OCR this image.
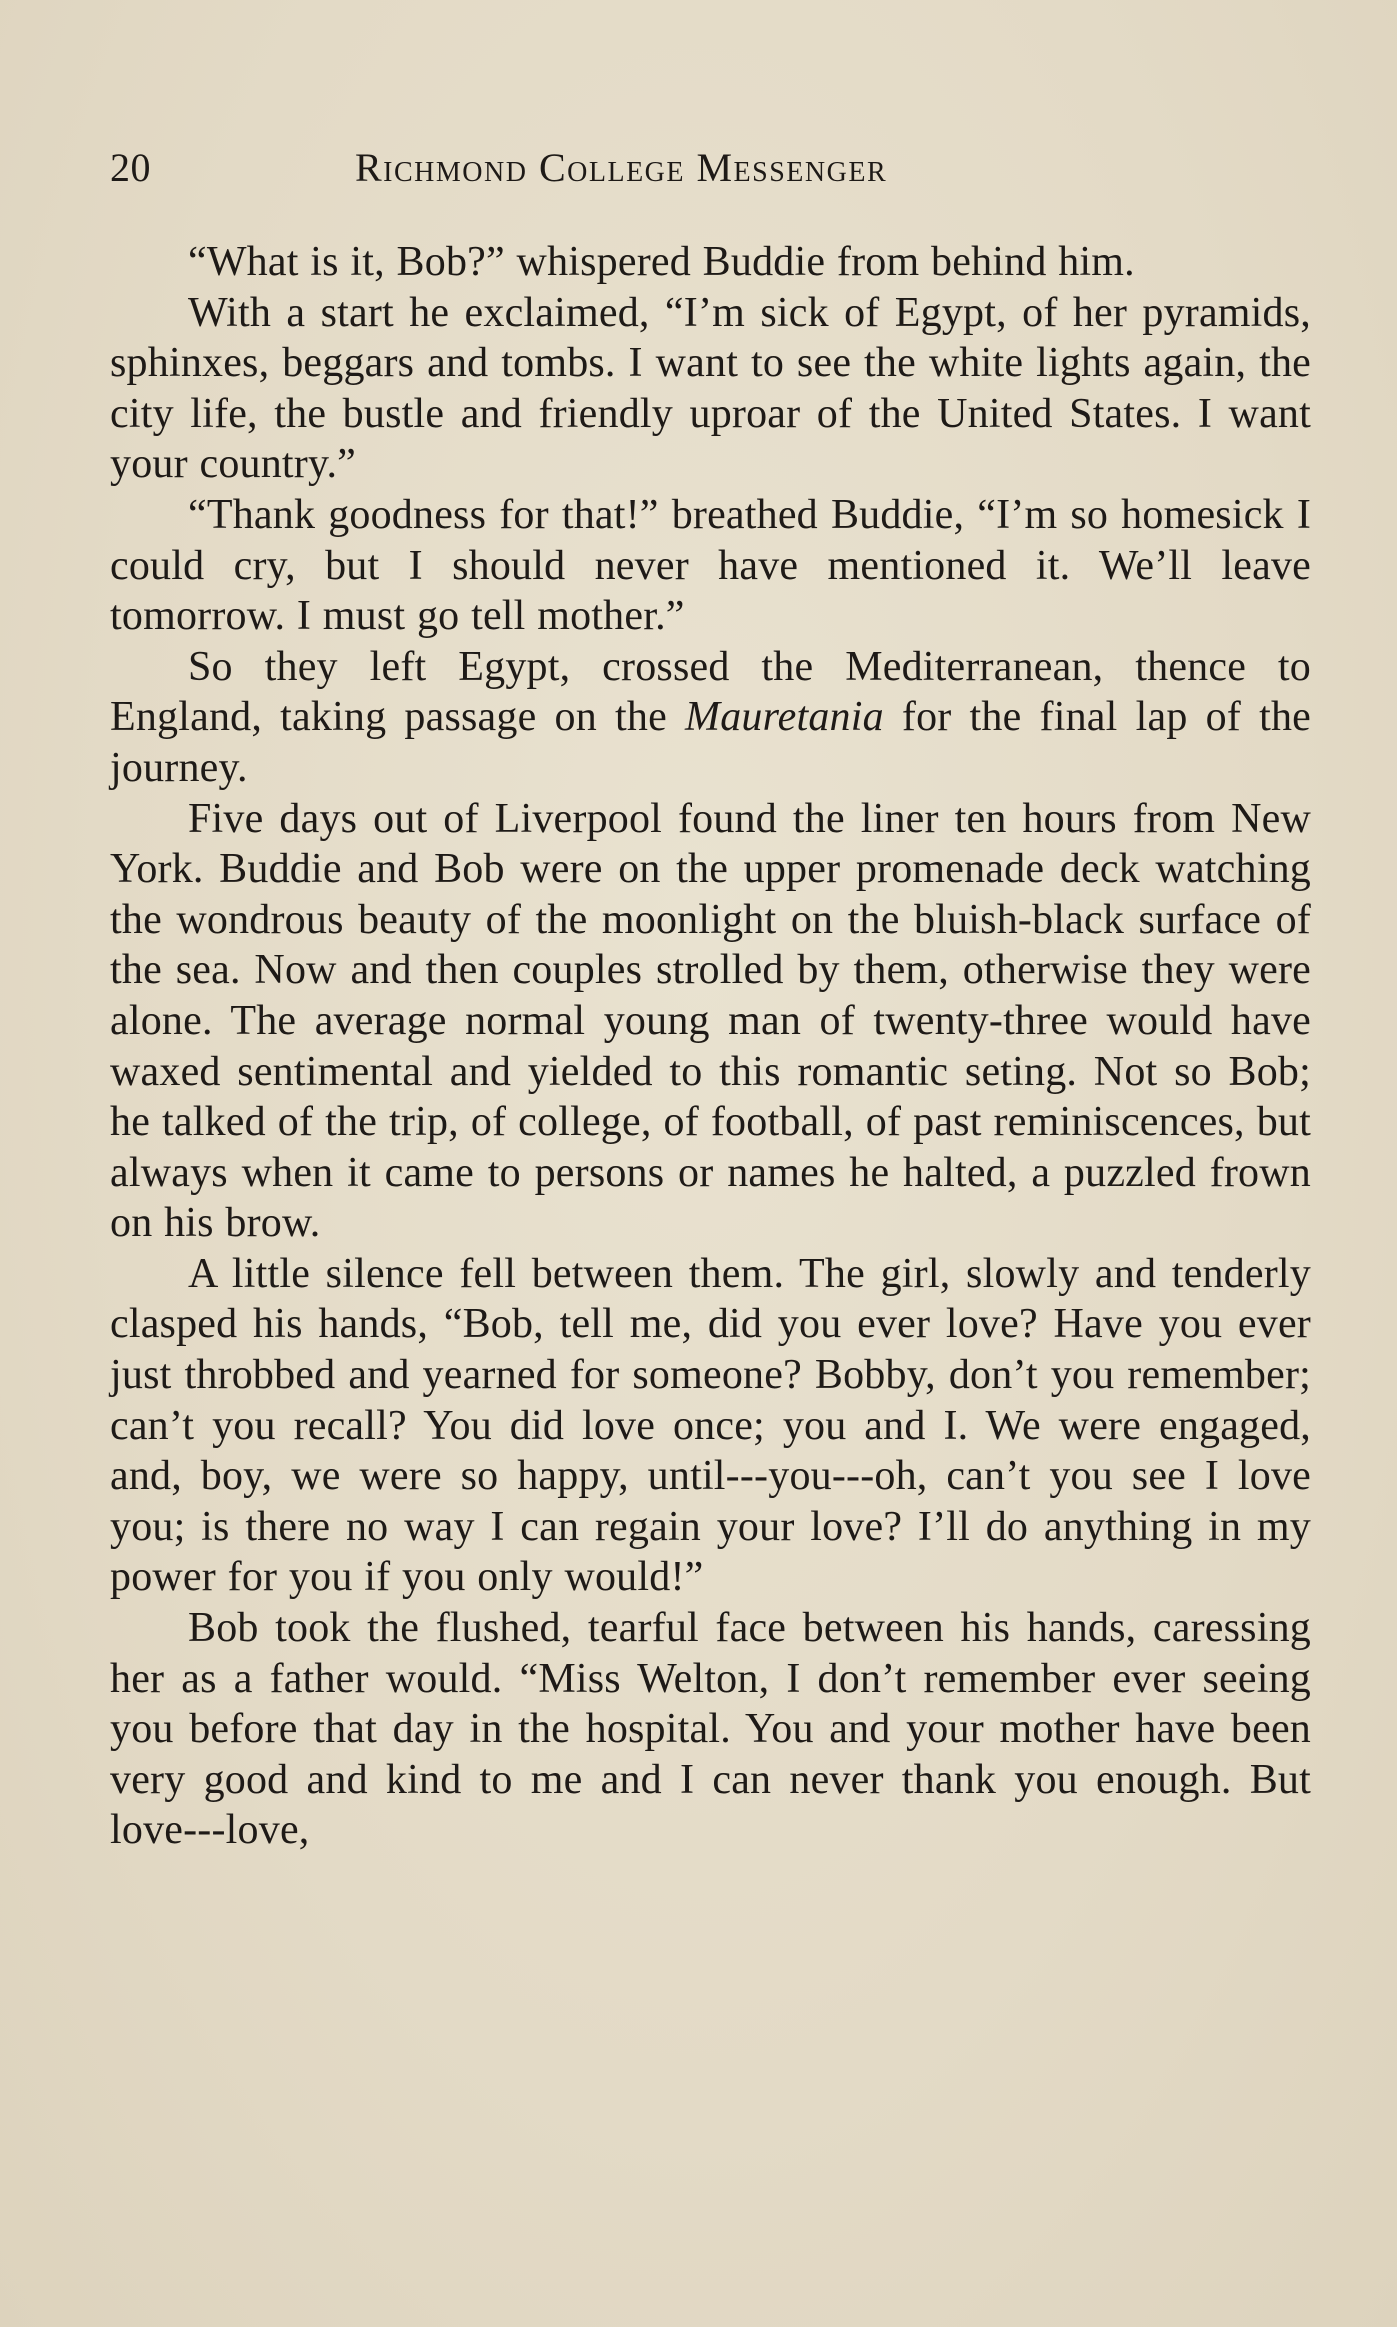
20	Richmond College Messenger

“What is it, Bob?” whispered Buddie from behind him.

With a start he exclaimed, “I’m sick of Egypt, of her pyramids, sphinxes, beggars and tombs. I want to see the white lights again, the city life, the bustle and friendly uproar of the United States. I want your country.”

“Thank goodness for that!” breathed Buddie, “I’m so homesick I could cry, but I should never have mentioned it. We’ll leave tomorrow. I must go tell mother.”

So they left Egypt, crossed the Mediterranean, thence to England, taking passage on the Mauretania for the final lap of the journey.

Five days out of Liverpool found the liner ten hours from New York. Buddie and Bob were on the upper promenade deck watching the wondrous beauty of the moonlight on the bluish-black surface of the sea. Now and then couples strolled by them, otherwise they were alone. The average normal young man of twenty-three would have waxed sentimental and yielded to this romantic seting. Not so Bob; he talked of the trip, of college, of football, of past reminiscences, but always when it came to persons or names he halted, a puzzled frown on his brow.

A little silence fell between them. The girl, slowly and tenderly clasped his hands, “Bob, tell me, did you ever love? Have you ever just throbbed and yearned for someone? Bobby, don’t you remember; can’t you recall? You did love once; you and I. We were engaged, and, boy, we were so happy, until---you---oh, can’t you see I love you; is there no way I can regain your love? I’ll do anything in my power for you if you only would!”

Bob took the flushed, tearful face between his hands, caressing her as a father would. “Miss Welton, I don’t remember ever seeing you before that day in the hospital. You and your mother have been very good and kind to me and I can never thank you enough. But love---love,
